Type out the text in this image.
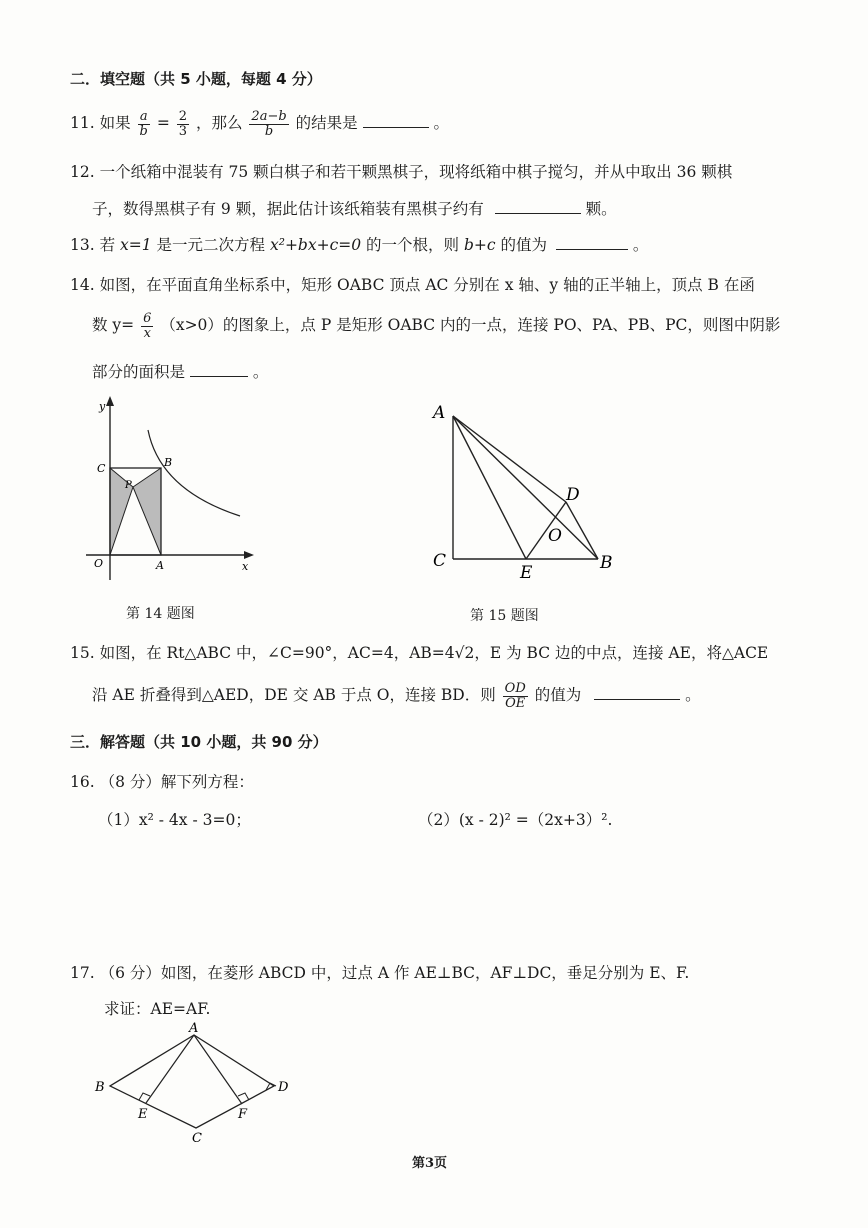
二．填空题（共 5 小题，每题 4 分）
11. 如果 $\frac{a}{b} = \frac{2}{3}$ ，那么 $\frac{2a-b}{b}$ 的结果是	。
12. 一个纸箱中混装有 75 颗白棋子和若干颗黑棋子，现将纸箱中棋子搅匀，并从中取出 36 颗棋
子，数得黑棋子有 9 颗，据此估计该纸箱装有黑棋子约有	颗。
13. 若 x=1 是一元二次方程 x²+bx+c=0 的一个根，则 b+c 的值为	。
14. 如图，在平面直角坐标系中，矩形 OABC 顶点 AC 分别在 x 轴、y 轴的正半轴上，顶点 B 在函
数 $y= \frac{6}{x} (x>0)$的图象上，点 P 是矩形 OABC 内的一点，连接 PO、PA、PB、PC，则图中阴影
部分的面积是	。
y
x
O	A
B
C
P
第 14 题图
A
C
E	B
D
O
第 15 题图
15. 如图，在 Rt△ABC 中，∠C=90°，AC=4，AB=4√2，E 为 BC 边的中点，连接 AE，将△ACE
沿 AE 折叠得到△AED，DE 交 AB 于点 O，连接 BD．则 $\frac{OD}{OE}$ 的值为	。
三．解答题（共 10 小题，共 90 分）
16. （8 分）解下列方程：
（1）x² - 4x - 3=0；	（2）(x - 2)² =（2x+3）².
17. （6 分）如图，在菱形 ABCD 中，过点 A 作 AE⊥BC，AF⊥DC，垂足分别为 E、F.
求证：AE=AF.
A
B
C
D
E	F
第3页
